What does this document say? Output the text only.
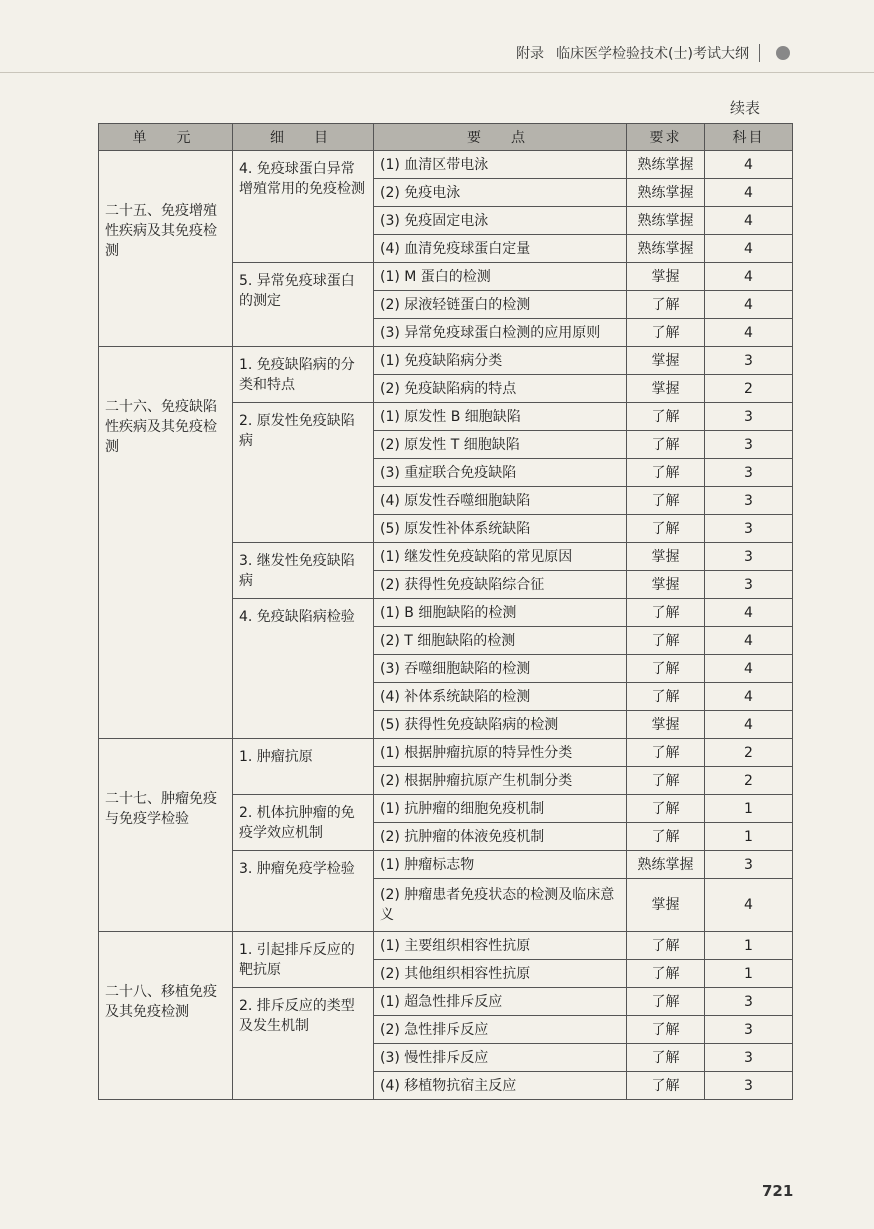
附录 临床医学检验技术(士)考试大纲
续表
单　元	细　目	要　点	要求	科目
二十五、免疫增殖性疾病及其免疫检测	4. 免疫球蛋白异常增殖常用的免疫检测	(1) 血清区带电泳	熟练掌握	4
		(2) 免疫电泳	熟练掌握	4
		(3) 免疫固定电泳	熟练掌握	4
		(4) 血清免疫球蛋白定量	熟练掌握	4
	5. 异常免疫球蛋白的测定	(1) M 蛋白的检测	掌握	4
		(2) 尿液轻链蛋白的检测	了解	4
		(3) 异常免疫球蛋白检测的应用原则	了解	4
二十六、免疫缺陷性疾病及其免疫检测	1. 免疫缺陷病的分类和特点	(1) 免疫缺陷病分类	掌握	3
		(2) 免疫缺陷病的特点	掌握	2
	2. 原发性免疫缺陷病	(1) 原发性 B 细胞缺陷	了解	3
		(2) 原发性 T 细胞缺陷	了解	3
		(3) 重症联合免疫缺陷	了解	3
		(4) 原发性吞噬细胞缺陷	了解	3
		(5) 原发性补体系统缺陷	了解	3
	3. 继发性免疫缺陷病	(1) 继发性免疫缺陷的常见原因	掌握	3
		(2) 获得性免疫缺陷综合征	掌握	3
	4. 免疫缺陷病检验	(1) B 细胞缺陷的检测	了解	4
		(2) T 细胞缺陷的检测	了解	4
		(3) 吞噬细胞缺陷的检测	了解	4
		(4) 补体系统缺陷的检测	了解	4
		(5) 获得性免疫缺陷病的检测	掌握	4
二十七、肿瘤免疫与免疫学检验	1. 肿瘤抗原	(1) 根据肿瘤抗原的特异性分类	了解	2
		(2) 根据肿瘤抗原产生机制分类	了解	2
	2. 机体抗肿瘤的免疫学效应机制	(1) 抗肿瘤的细胞免疫机制	了解	1
		(2) 抗肿瘤的体液免疫机制	了解	1
	3. 肿瘤免疫学检验	(1) 肿瘤标志物	熟练掌握	3
		(2) 肿瘤患者免疫状态的检测及临床意义	掌握	4
二十八、移植免疫及其免疫检测	1. 引起排斥反应的靶抗原	(1) 主要组织相容性抗原	了解	1
		(2) 其他组织相容性抗原	了解	1
	2. 排斥反应的类型及发生机制	(1) 超急性排斥反应	了解	3
		(2) 急性排斥反应	了解	3
		(3) 慢性排斥反应	了解	3
		(4) 移植物抗宿主反应	了解	3
721
